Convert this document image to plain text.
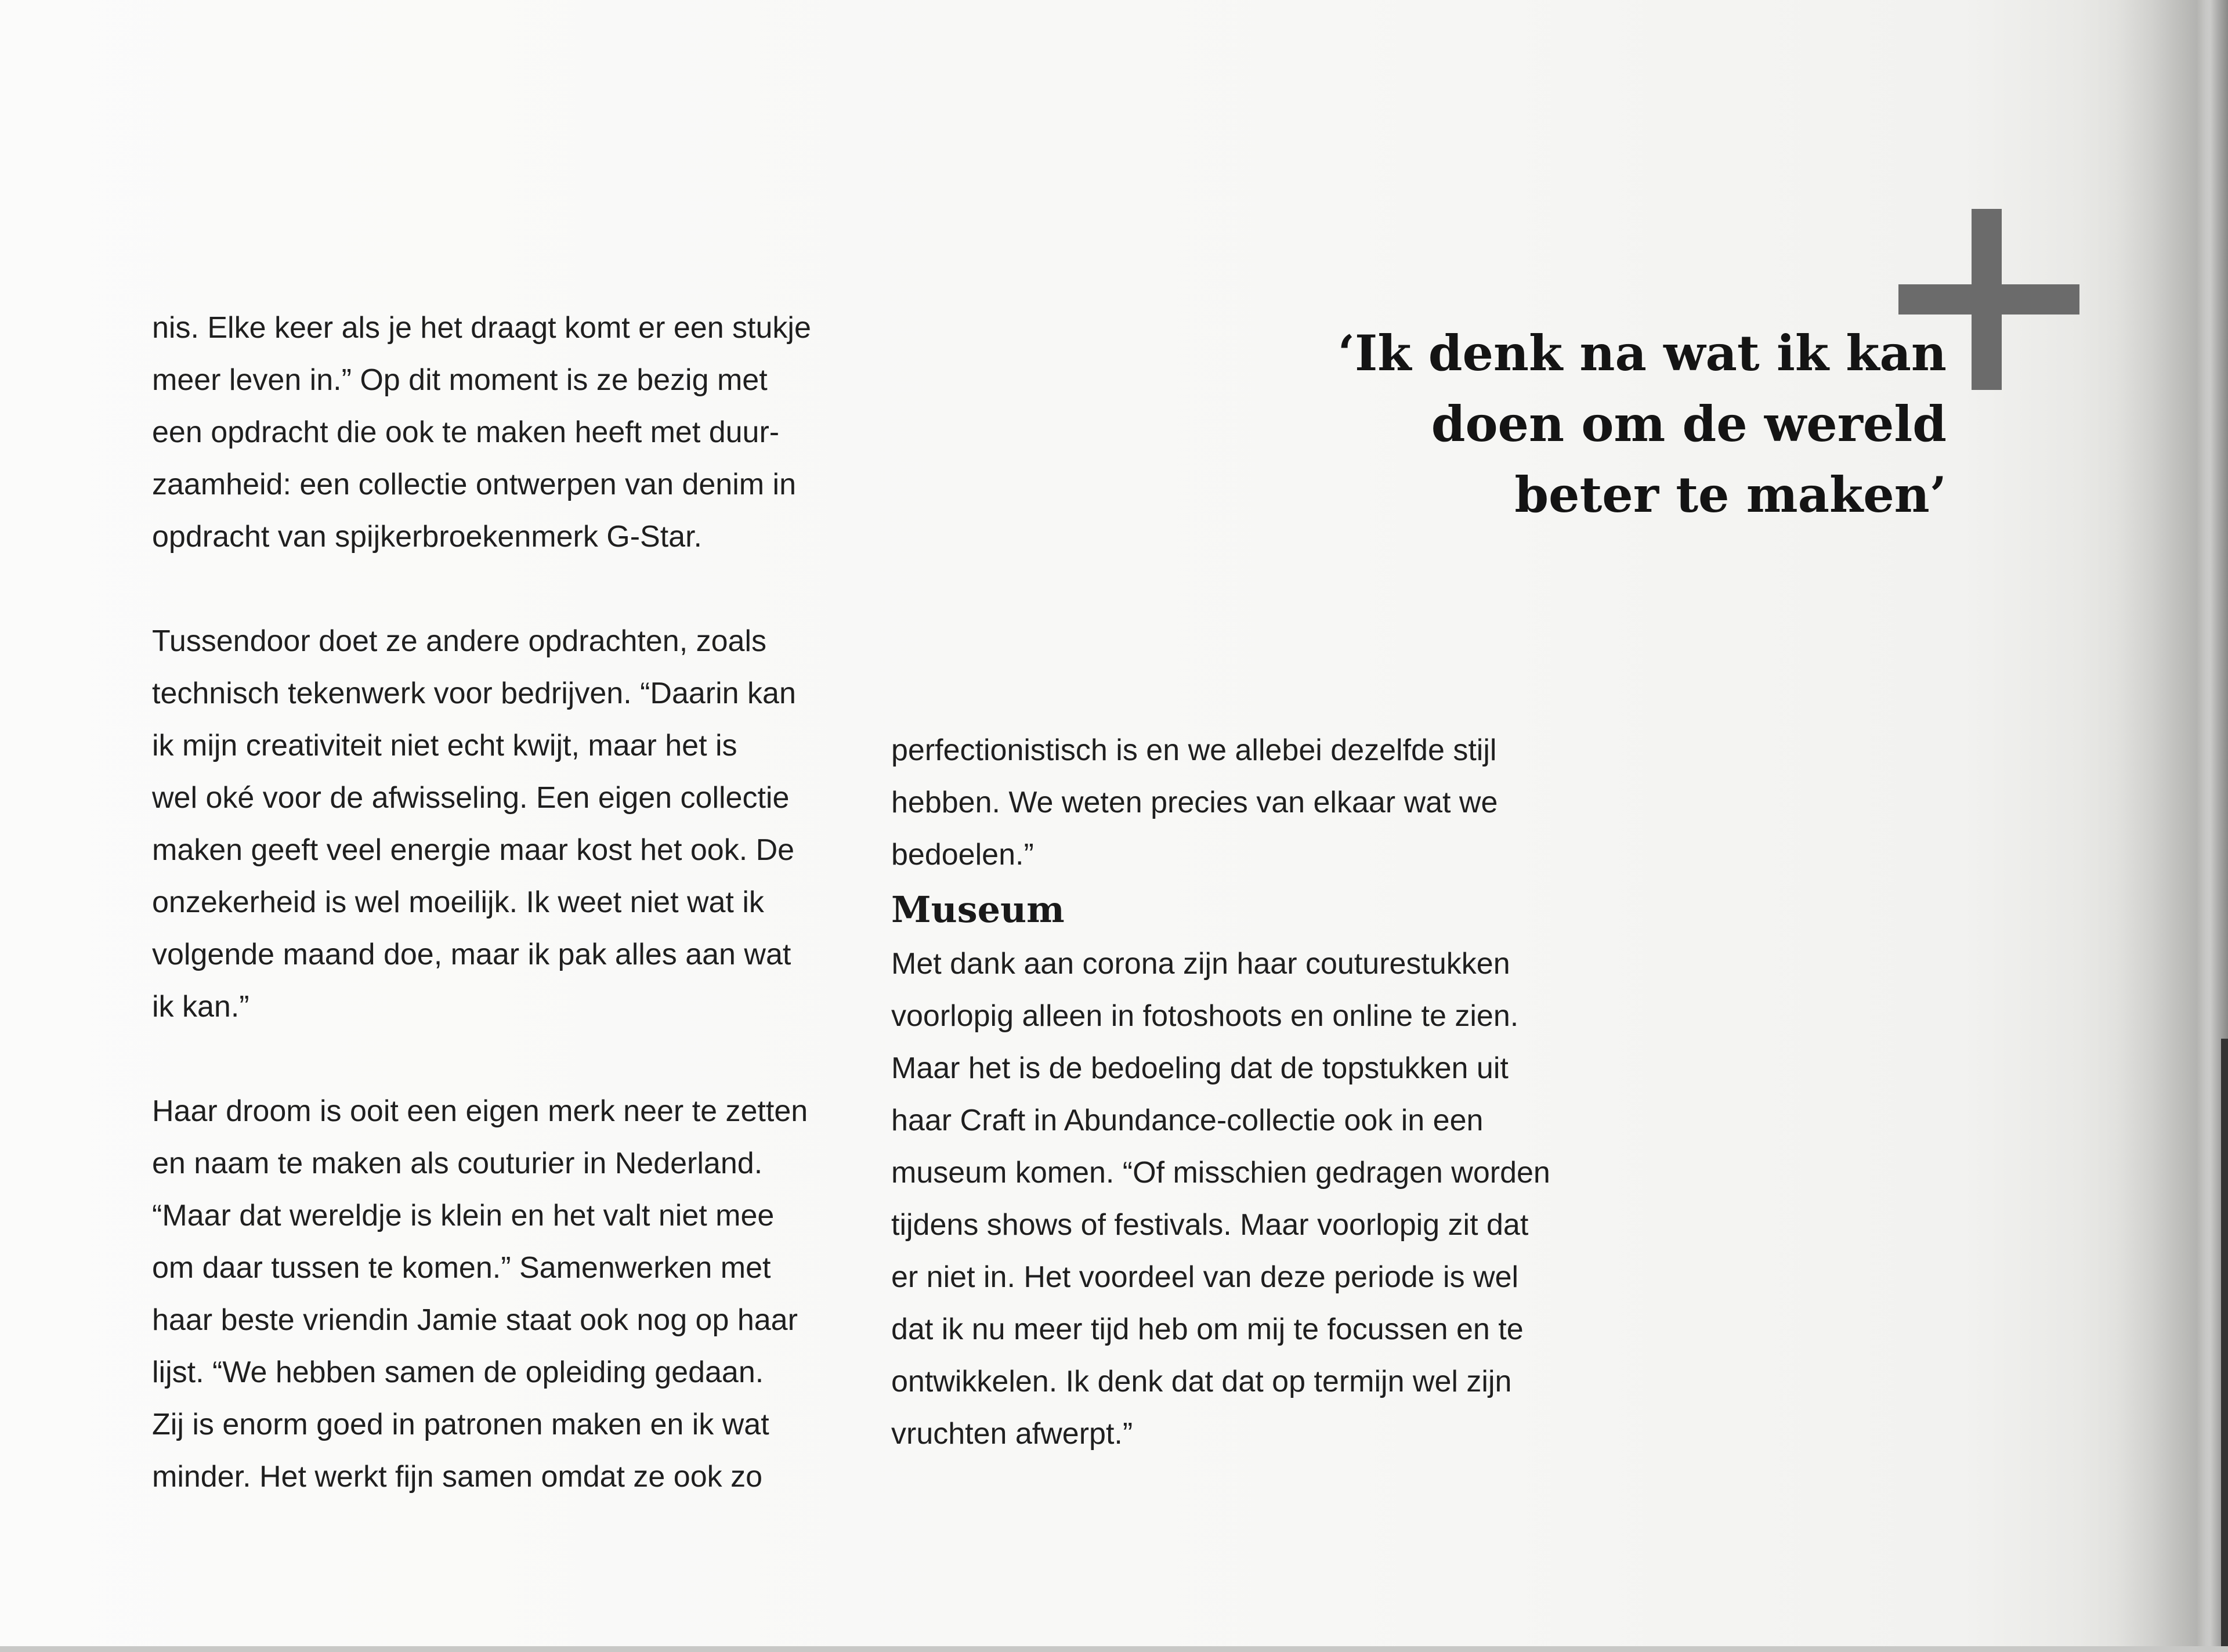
nis. Elke keer als je het draagt komt er een stukje
meer leven in.” Op dit moment is ze bezig met
een opdracht die ook te maken heeft met duur-
zaamheid: een collectie ontwerpen van denim in
opdracht van spijkerbroekenmerk G-Star.

Tussendoor doet ze andere opdrachten, zoals
technisch tekenwerk voor bedrijven. “Daarin kan
ik mijn creativiteit niet echt kwijt, maar het is
wel oké voor de afwisseling. Een eigen collectie
maken geeft veel energie maar kost het ook. De
onzekerheid is wel moeilijk. Ik weet niet wat ik
volgende maand doe, maar ik pak alles aan wat
ik kan.”

Haar droom is ooit een eigen merk neer te zetten
en naam te maken als couturier in Nederland.
“Maar dat wereldje is klein en het valt niet mee
om daar tussen te komen.” Samenwerken met
haar beste vriendin Jamie staat ook nog op haar
lijst. “We hebben samen de opleiding gedaan.
Zij is enorm goed in patronen maken en ik wat
minder. Het werkt fijn samen omdat ze ook zo

perfectionistisch is en we allebei dezelfde stijl
hebben. We weten precies van elkaar wat we
bedoelen.”

Museum

Met dank aan corona zijn haar couturestukken
voorlopig alleen in fotoshoots en online te zien.
Maar het is de bedoeling dat de topstukken uit
haar Craft in Abundance-collectie ook in een
museum komen. “Of misschien gedragen worden
tijdens shows of festivals. Maar voorlopig zit dat
er niet in. Het voordeel van deze periode is wel
dat ik nu meer tijd heb om mij te focussen en te
ontwikkelen. Ik denk dat dat op termijn wel zijn
vruchten afwerpt.”

‘Ik denk na wat ik kan
doen om de wereld
beter te maken’
